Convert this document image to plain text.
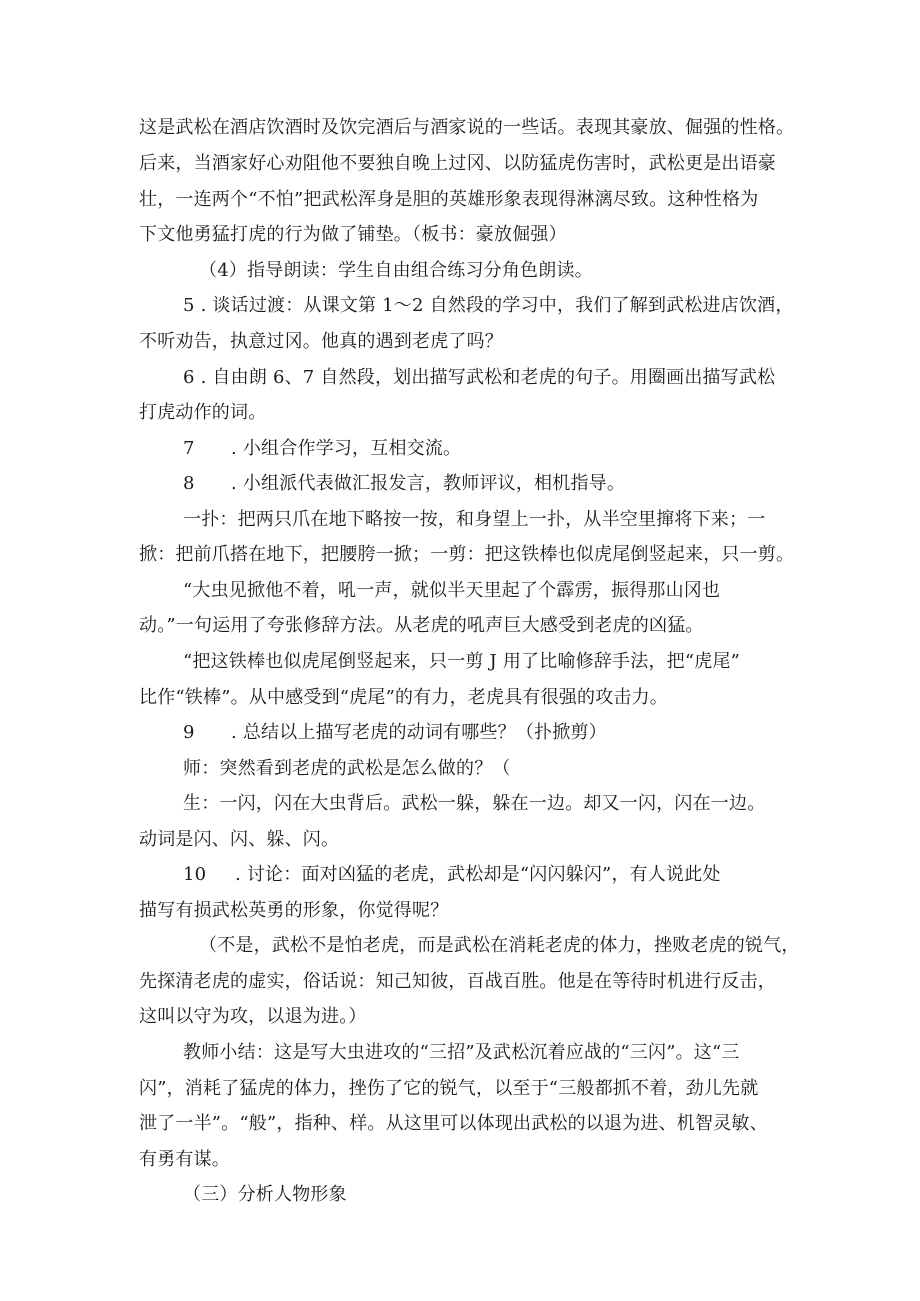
这是武松在酒店饮酒时及饮完酒后与酒家说的一些话。表现其豪放、倔强的性格。
后来，当酒家好心劝阻他不要独自晚上过冈、以防猛虎伤害时，武松更是出语豪
壮，一连两个“不怕”把武松浑身是胆的英雄形象表现得淋漓尽致。这种性格为
下文他勇猛打虎的行为做了铺垫。（板书：豪放倔强）
（4）指导朗读：学生自由组合练习分角色朗读。
5 . 谈话过渡：从课文第 1～2 自然段的学习中，我们了解到武松进店饮酒，
不听劝告，执意过冈。他真的遇到老虎了吗？
6 . 自由朗 6、7 自然段，划出描写武松和老虎的句子。用圈画出描写武松
打虎动作的词。
7 . 小组合作学习，互相交流。
8 . 小组派代表做汇报发言，教师评议，相机指导。
一扑：把两只爪在地下略按一按，和身望上一扑，从半空里撺将下来；一
掀：把前爪搭在地下，把腰胯一掀；一剪：把这铁棒也似虎尾倒竖起来，只一剪。
“大虫见掀他不着，吼一声，就似半天里起了个霹雳，振得那山冈也
动。”一句运用了夸张修辞方法。从老虎的吼声巨大感受到老虎的凶猛。
“把这铁棒也似虎尾倒竖起来，只一剪 J 用了比喻修辞手法，把“虎尾”
比作“铁棒”。从中感受到“虎尾”的有力，老虎具有很强的攻击力。
9 . 总结以上描写老虎的动词有哪些？（扑掀剪）
师：突然看到老虎的武松是怎么做的？（
生：一闪，闪在大虫背后。武松一躲，躲在一边。却又一闪，闪在一边。
动词是闪、闪、躲、闪。
10 . 讨论：面对凶猛的老虎，武松却是“闪闪躲闪”，有人说此处
描写有损武松英勇的形象，你觉得呢？
（不是，武松不是怕老虎，而是武松在消耗老虎的体力，挫败老虎的锐气，
先探清老虎的虚实，俗话说：知己知彼，百战百胜。他是在等待时机进行反击，
这叫以守为攻，以退为进。）
教师小结：这是写大虫进攻的“三招”及武松沉着应战的“三闪”。这“三
闪”，消耗了猛虎的体力，挫伤了它的锐气，以至于“三般都抓不着，劲儿先就
泄了一半”。“般”，指种、样。从这里可以体现出武松的以退为进、机智灵敏、
有勇有谋。
（三）分析人物形象
